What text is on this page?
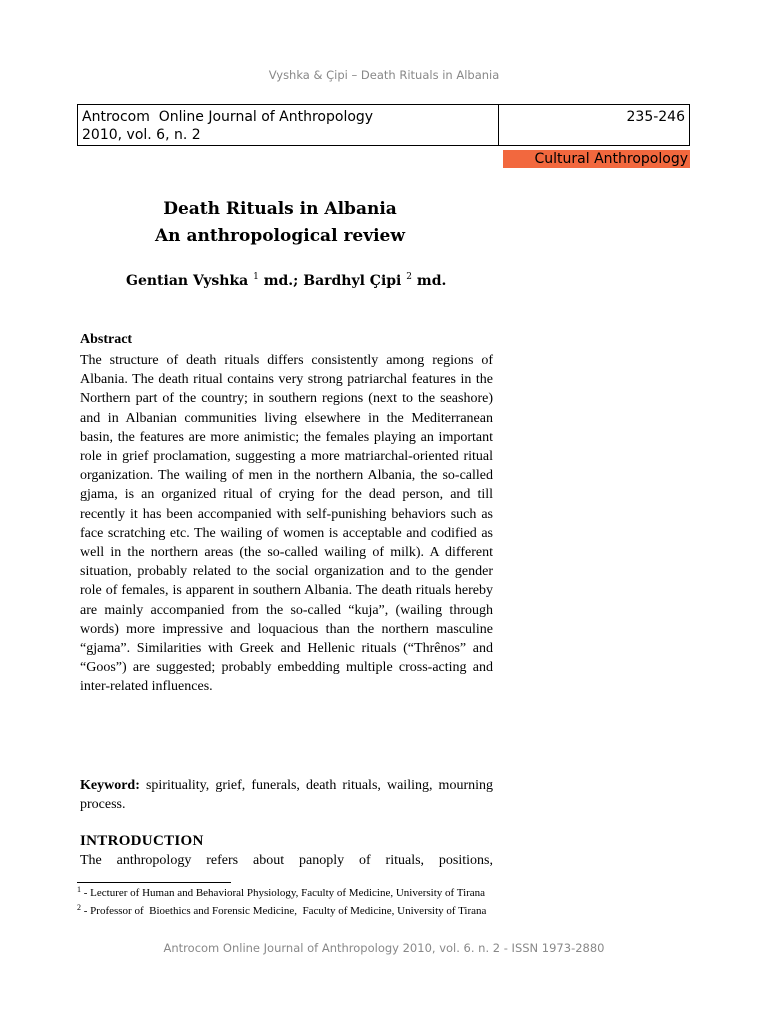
Vyshka & Çipi – Death Rituals in Albania
Antrocom  Online Journal of Anthropology
2010, vol. 6, n. 2
235-246
Cultural Anthropology
Death Rituals in Albania
An anthropological review
Gentian Vyshka $^1$ md.; Bardhyl Çipi $^2$ md.
Abstract
The structure of death rituals differs consistently among regions of Albania. The death ritual contains very strong patriarchal features in the Northern part of the country; in southern regions (next to the seashore) and in Albanian communities living elsewhere in the Mediterranean basin, the features are more animistic; the females playing an important role in grief proclamation, suggesting a more matriarchal-oriented ritual organization. The wailing of men in the northern Albania, the so-called gjama, is an organized ritual of crying for the dead person, and till recently it has been accompanied with self-punishing behaviors such as face scratching etc. The wailing of women is acceptable and codified as well in the northern areas (the so-called wailing of milk). A different situation, probably related to the social organization and to the gender role of females, is apparent in southern Albania. The death rituals hereby are mainly accompanied from the so-called “kuja”, (wailing through words) more impressive and loquacious than the northern masculine “gjama”. Similarities with Greek and Hellenic rituals (“Thrênos” and “Goos”) are suggested; probably embedding multiple cross-acting and inter-related influences.
Keyword: spirituality, grief, funerals, death rituals, wailing, mourning process.
INTRODUCTION
The anthropology refers about panoply of rituals, positions,
$^1$ - Lecturer of Human and Behavioral Physiology, Faculty of Medicine, University of Tirana
$^2$ - Professor of  Bioethics and Forensic Medicine,  Faculty of Medicine, University of Tirana
Antrocom Online Journal of Anthropology 2010, vol. 6. n. 2 - ISSN 1973-2880
